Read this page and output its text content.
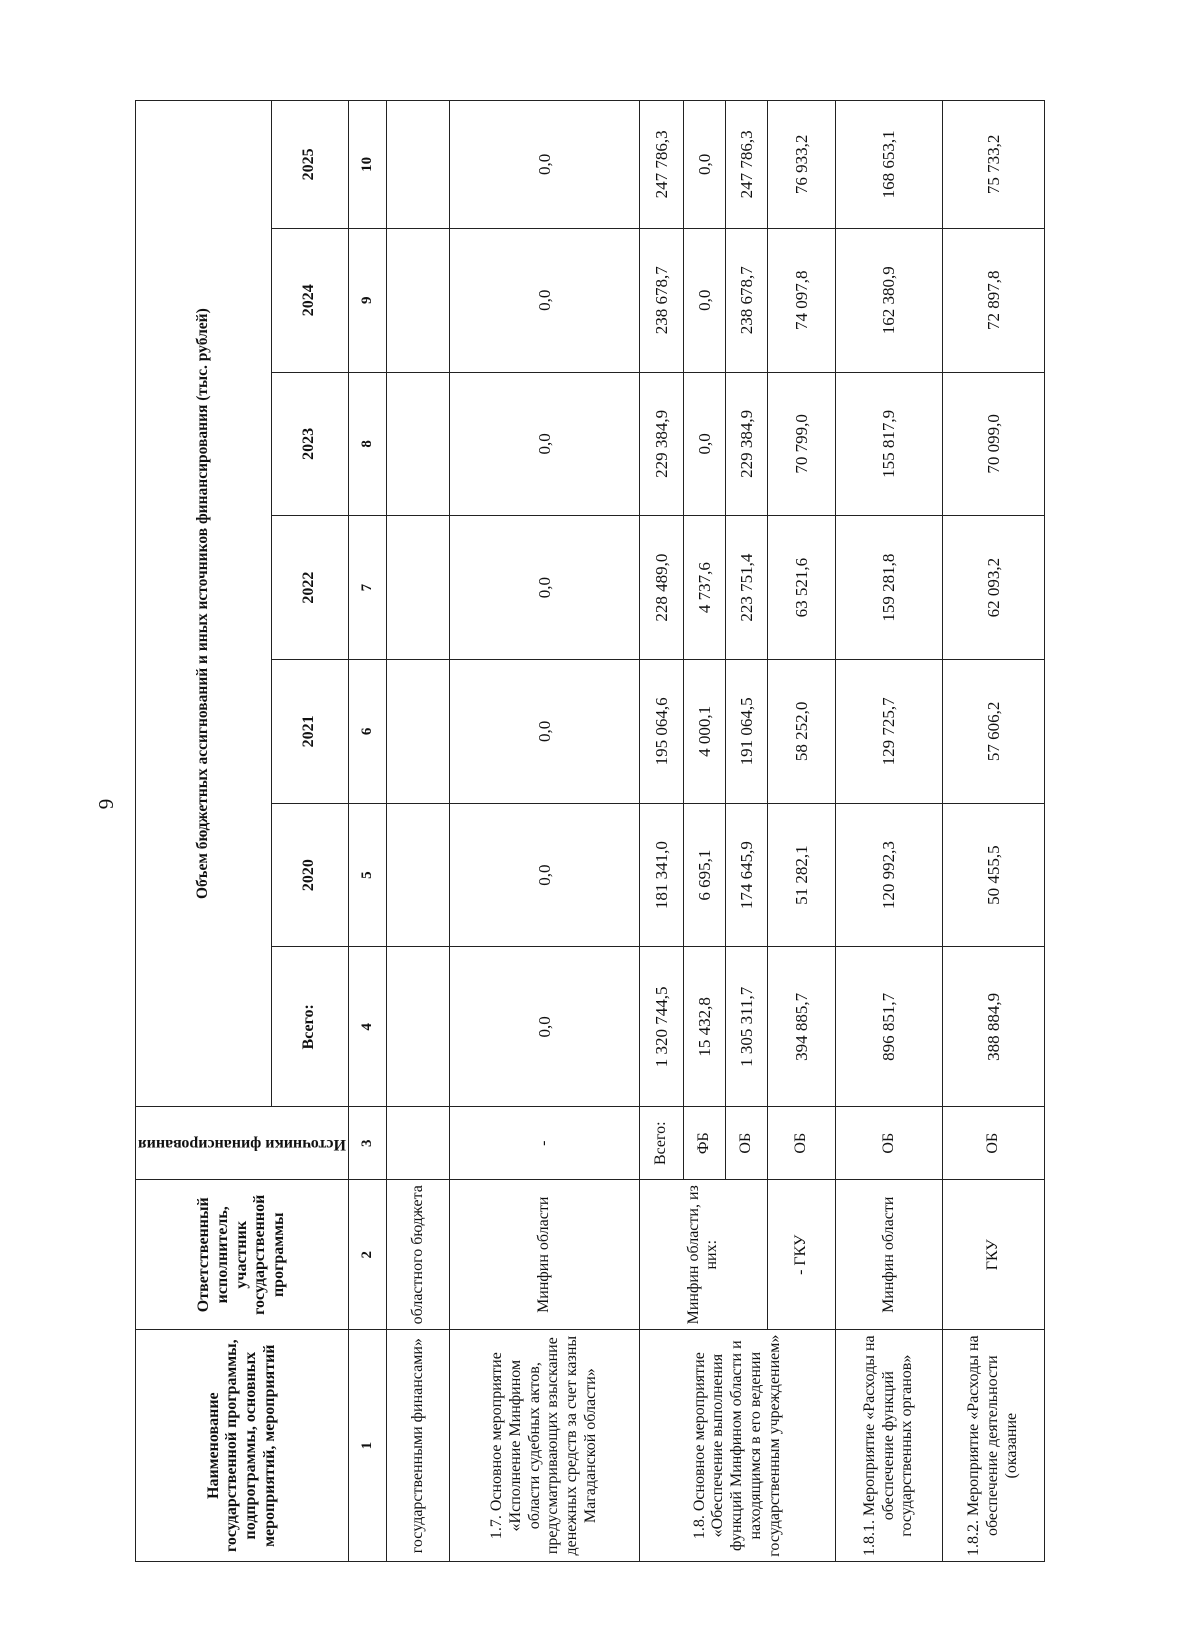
6
Наименование государственной программы, подпрограммы, основных мероприятий, мероприятий	Ответственный исполнитель, участник государственной программы	Источники финансирования	Объем бюджетных ассигнований и иных источников финансирования (тыс. рублей)						
			Всего:	2020	2021	2022	2023	2024	2025
1	2	3	4	5	6	7	8	9	10
государственными финансами»	областного бюджета								
1.7. Основное мероприятие «Исполнение Минфином области судебных актов, предусматривающих взыскание денежных средств за счет казны Магаданской области»	Минфин области	-	0,0	0,0	0,0	0,0	0,0	0,0	0,0
1.8. Основное мероприятие «Обеспечение выполнения функций Минфином области и находящимся в его ведении государственным учреждением»	Минфин области, из них:	Всего:	1 320 744,5	181 341,0	195 064,6	228 489,0	229 384,9	238 678,7	247 786,3
		ФБ	15 432,8	6 695,1	4 000,1	4 737,6	0,0	0,0	0,0
		ОБ	1 305 311,7	174 645,9	191 064,5	223 751,4	229 384,9	238 678,7	247 786,3
	- ГКУ	ОБ	394 885,7	51 282,1	58 252,0	63 521,6	70 799,0	74 097,8	76 933,2
1.8.1. Мероприятие «Расходы на обеспечение функций государственных органов»	Минфин области	ОБ	896 851,7	120 992,3	129 725,7	159 281,8	155 817,9	162 380,9	168 653,1
1.8.2. Мероприятие «Расходы на обеспечение деятельности (оказание	ГКУ	ОБ	388 884,9	50 455,5	57 606,2	62 093,2	70 099,0	72 897,8	75 733,2
